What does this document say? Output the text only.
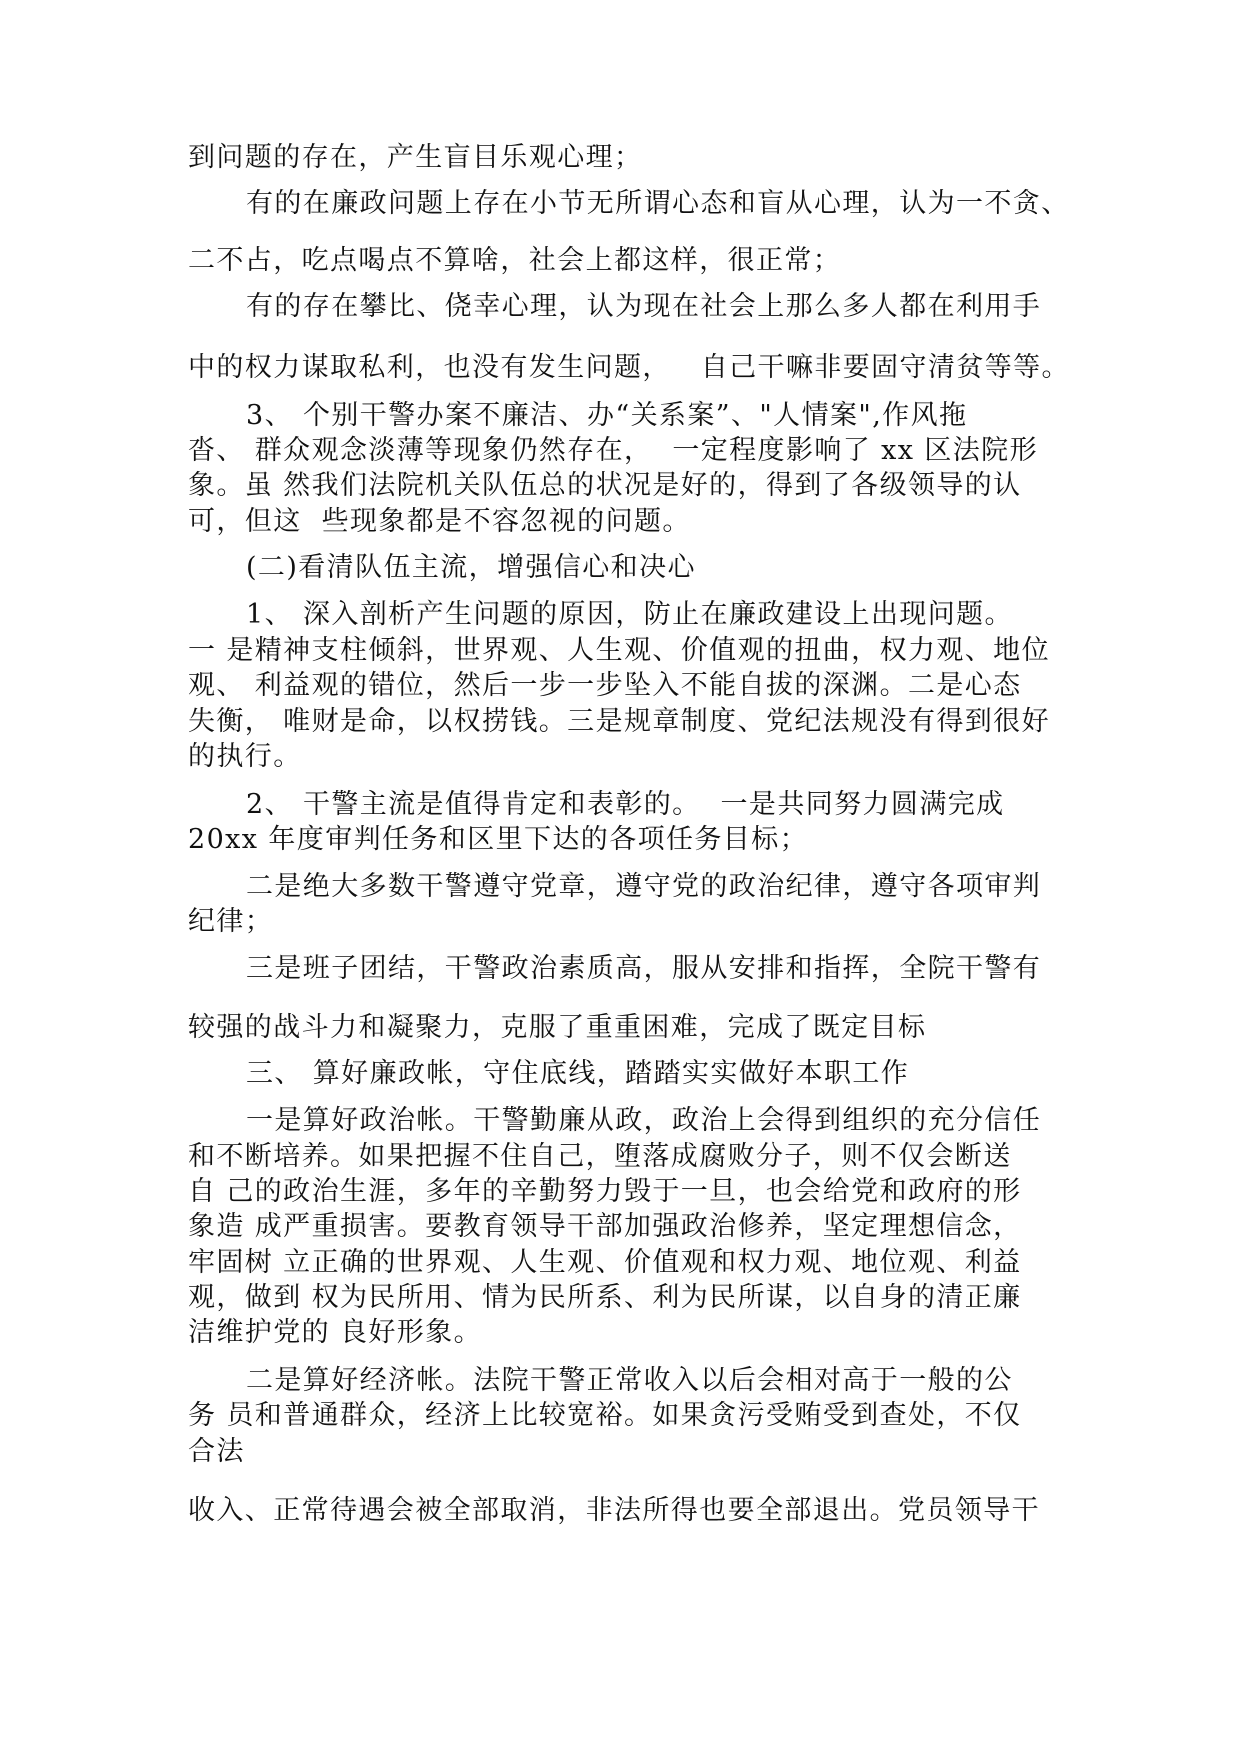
到问题的存在，产生盲目乐观心理；

有的在廉政问题上存在小节无所谓心态和盲从心理，认为一不贪、

二不占，吃点喝点不算啥，社会上都这样，很正常；

有的存在攀比、侥幸心理，认为现在社会上那么多人都在利用手

中的权力谋取私利，也没有发生问题，   自己干嘛非要固守清贫等等。

3、 个别干警办案不廉洁、办“关系案”、"人情案",作风拖

沓、 群众观念淡薄等现象仍然存在，  一定程度影响了 xx 区法院形

象。虽 然我们法院机关队伍总的状况是好的，得到了各级领导的认

可，但这  些现象都是不容忽视的问题。

(二)看清队伍主流，增强信心和决心

1、 深入剖析产生问题的原因，防止在廉政建设上出现问题。

一 是精神支柱倾斜，世界观、人生观、价值观的扭曲，权力观、地位

观、 利益观的错位，然后一步一步坠入不能自拔的深渊。二是心态

失衡， 唯财是命，以权捞钱。三是规章制度、党纪法规没有得到很好

的执行。

2、 干警主流是值得肯定和表彰的。  一是共同努力圆满完成

20xx 年度审判任务和区里下达的各项任务目标；

二是绝大多数干警遵守党章，遵守党的政治纪律，遵守各项审判

纪律；

三是班子团结，干警政治素质高，服从安排和指挥，全院干警有

较强的战斗力和凝聚力，克服了重重困难，完成了既定目标

三、 算好廉政帐，守住底线，踏踏实实做好本职工作

一是算好政治帐。干警勤廉从政，政治上会得到组织的充分信任

和不断培养。如果把握不住自己，堕落成腐败分子，则不仅会断送

自 己的政治生涯，多年的辛勤努力毁于一旦，也会给党和政府的形

象造 成严重损害。要教育领导干部加强政治修养，坚定理想信念，

牢固树 立正确的世界观、人生观、价值观和权力观、地位观、利益

观，做到 权为民所用、情为民所系、利为民所谋，以自身的清正廉

洁维护党的 良好形象。

二是算好经济帐。法院干警正常收入以后会相对高于一般的公

务 员和普通群众，经济上比较宽裕。如果贪污受贿受到查处，不仅

合法

收入、正常待遇会被全部取消，非法所得也要全部退出。党员领导干
